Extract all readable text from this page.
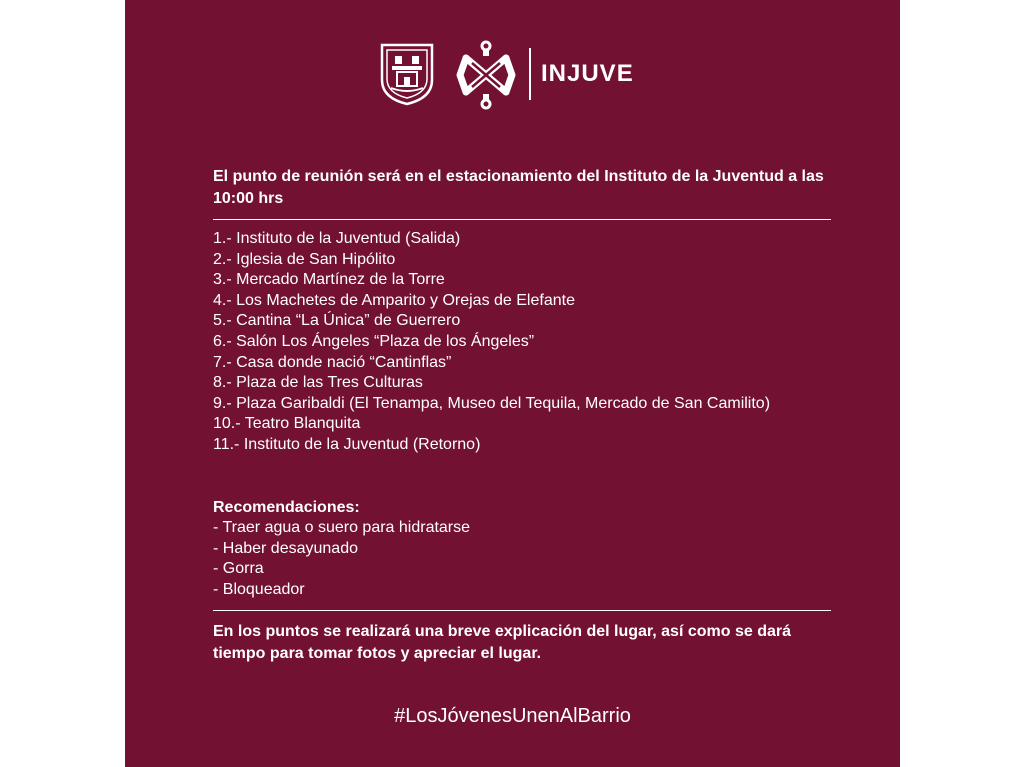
INJUVE
El punto de reunión será en el estacionamiento del Instituto de la Juventud a las 10:00 hrs
1.- Instituto de la Juventud (Salida)
2.- Iglesia de San Hipólito
3.- Mercado Martínez de la Torre
4.- Los Machetes de Amparito y Orejas de Elefante
5.- Cantina “La Única” de Guerrero
6.- Salón Los Ángeles “Plaza de los Ángeles”
7.- Casa donde nació “Cantinflas”
8.- Plaza de las Tres Culturas
9.- Plaza Garibaldi (El Tenampa, Museo del Tequila, Mercado de San Camilito)
10.- Teatro Blanquita
11.- Instituto de la Juventud (Retorno)
Recomendaciones:
- Traer agua o suero para hidratarse
- Haber desayunado
- Gorra
- Bloqueador
En los puntos se realizará una breve explicación del lugar, así como se dará tiempo para tomar fotos y apreciar el lugar.
#LosJóvenesUnenAlBarrio
